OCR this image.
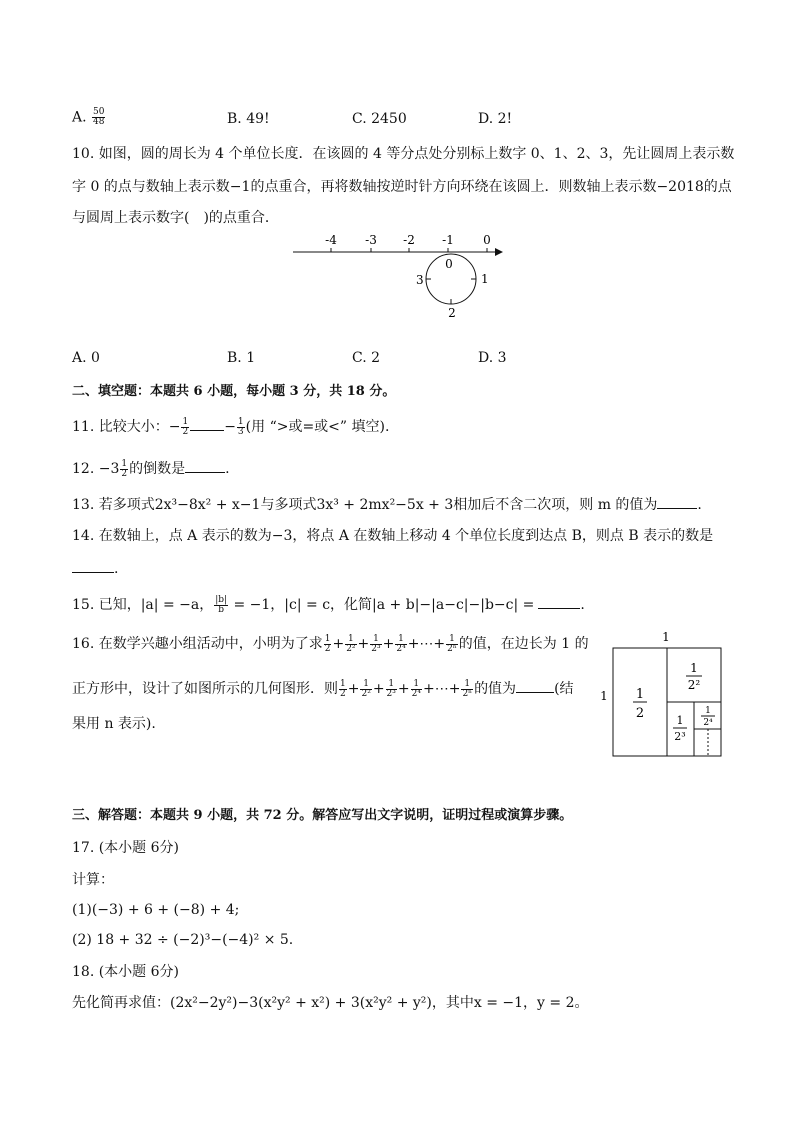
A. $\frac{50}{48}$	B. 49!	C. 2450	D. 2!
10. 如图，圆的周长为 4 个单位长度．在该圆的 4 等分点处分别标上数字 0、1、2、3，先让圆周上表示数
字 0 的点与数轴上表示数−1的点重合，再将数轴按逆时针方向环绕在该圆上．则数轴上表示数−2018的点
与圆周上表示数字(　)的点重合．
-4 -3 -2 -1 0
0
1
2
3
A. 0	B. 1	C. 2	D. 3
二、填空题：本题共 6 小题，每小题 3 分，共 18 分。
11. 比较大小：− $\frac{1}{2}$	− $\frac{1}{3}$ (用 “>或=或<” 填空).
12. $-3 \frac{1}{2}$ 的倒数是	.
13. 若多项式2x³−8x² + x−1与多项式3x³ + 2mx²−5x + 3相加后不含二次项，则 m 的值为	.
14. 在数轴上，点 A 表示的数为−3，将点 A 在数轴上移动 4 个单位长度到达点 B，则点 B 表示的数是
.
15. 已知，|a| = −a， $\frac{|b|}{b} = -1$，|c| = c，化简|a + b|−|a−c|−|b−c| =	.
16. 在数学兴趣小组活动中，小明为了求 $\frac{1}{2} + \frac{1}{\text{2²}} + \frac{1}{\text{2³}} + \frac{1}{\text{2⁴}}$ +⋯+ $\frac{1}{\text{2ⁿ}}$ 的值，在边长为 1 的
正方形中，设计了如图所示的几何图形．则 $\frac{1}{2} + \frac{1}{\text{2²}} + \frac{1}{\text{2³}} + \frac{1}{\text{2⁴}}$ +⋯+ $\frac{1}{\text{2ⁿ}}$ 的值为	(结
果用 n 表示).
1
1 1
2
1
2²
1
2³
1
2⁴
三、解答题：本题共 9 小题，共 72 分。解答应写出文字说明，证明过程或演算步骤。
17. (本小题 6分)
计算：
(1)(−3) + 6 + (−8) + 4;
(2) 18 + 32 ÷ (−2)³−(−4)² × 5.
18. (本小题 6分)
先化简再求值：(2x²−2y²)−3(x²y² + x²) + 3(x²y² + y²)，其中x = −1，y = 2。
